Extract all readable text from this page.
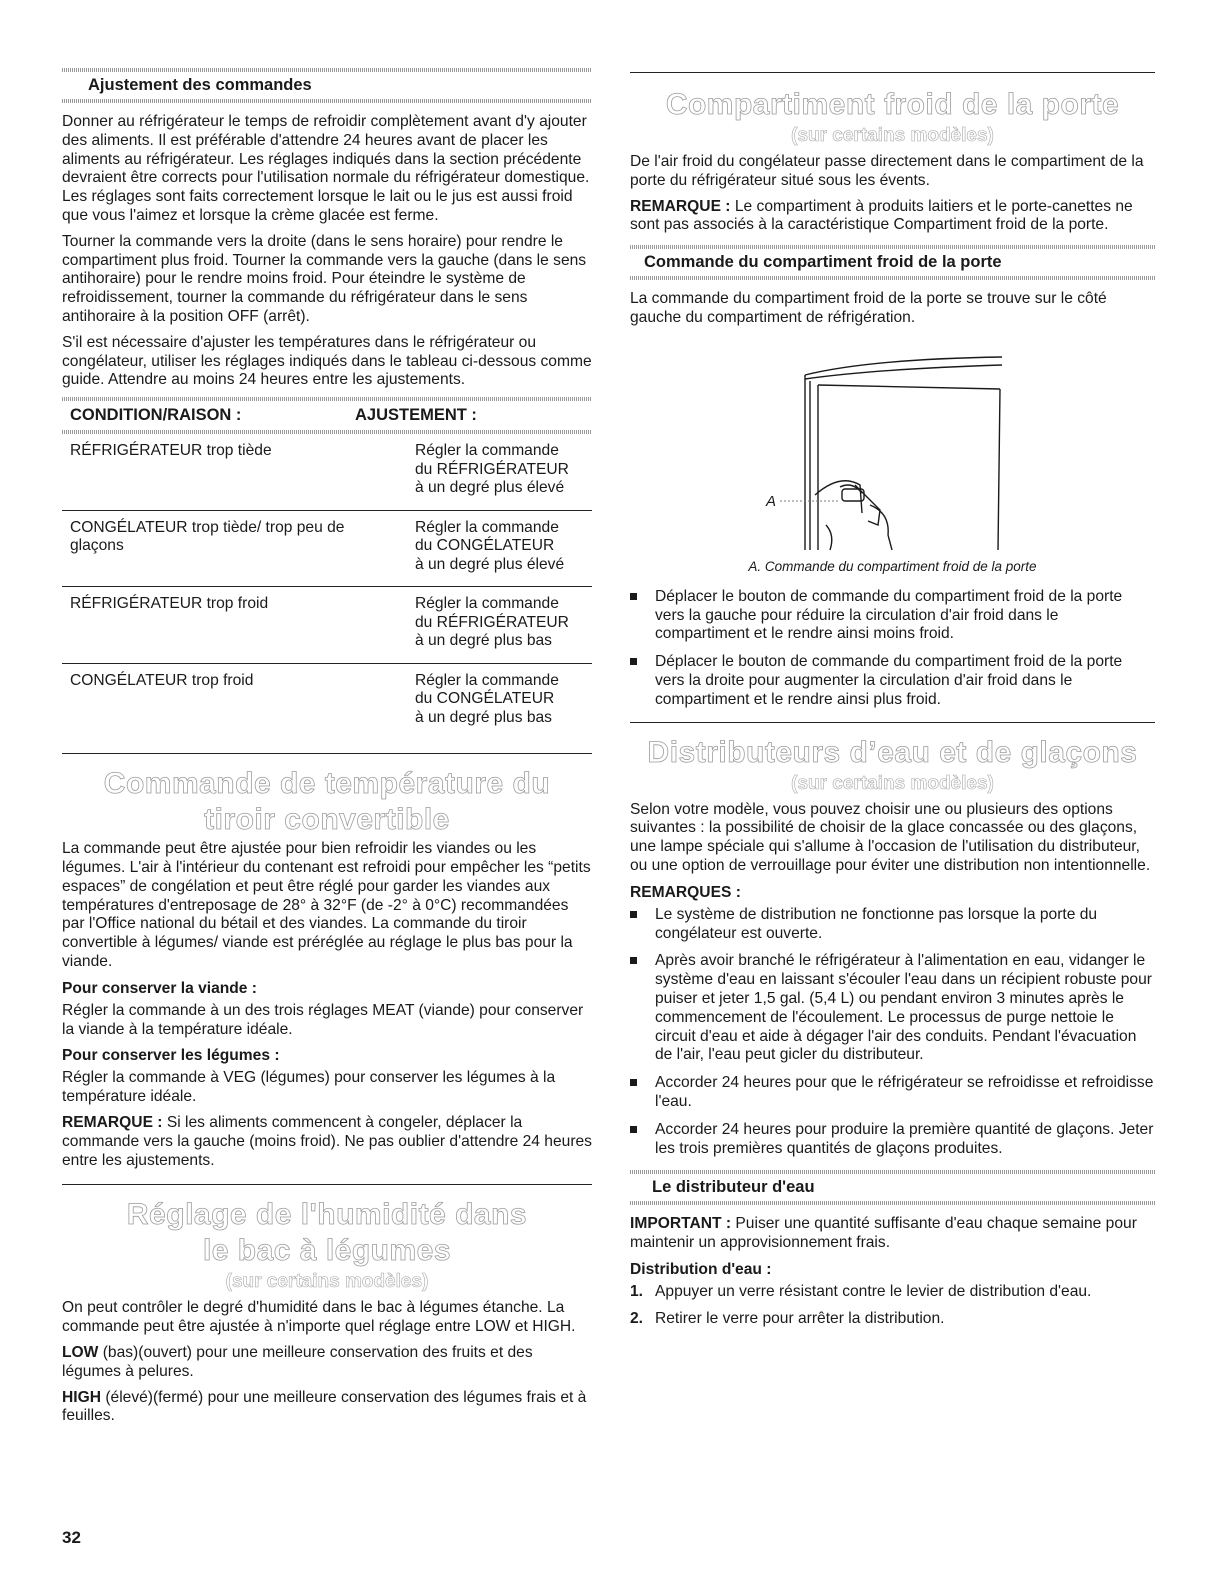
Ajustement des commandes

Donner au réfrigérateur le temps de refroidir complètement avant d'y ajouter des aliments. Il est préférable d'attendre 24 heures avant de placer les aliments au réfrigérateur. Les réglages indiqués dans la section précédente devraient être corrects pour l'utilisation normale du réfrigérateur domestique. Les réglages sont faits correctement lorsque le lait ou le jus est aussi froid que vous l'aimez et lorsque la crème glacée est ferme.

Tourner la commande vers la droite (dans le sens horaire) pour rendre le compartiment plus froid. Tourner la commande vers la gauche (dans le sens antihoraire) pour le rendre moins froid. Pour éteindre le système de refroidissement, tourner la commande du réfrigérateur dans le sens antihoraire à la position OFF (arrêt).

S'il est nécessaire d'ajuster les températures dans le réfrigérateur ou congélateur, utiliser les réglages indiqués dans le tableau ci-dessous comme guide. Attendre au moins 24 heures entre les ajustements.

CONDITION/RAISON :	AJUSTEMENT :
RÉFRIGÉRATEUR trop tiède	Régler la commande
du RÉFRIGÉRATEUR
à un degré plus élevé

CONGÉLATEUR trop tiède/ trop peu de glaçons	Régler la commande
du CONGÉLATEUR
à un degré plus élevé

RÉFRIGÉRATEUR trop froid	Régler la commande
du RÉFRIGÉRATEUR
à un degré plus bas

CONGÉLATEUR trop froid	Régler la commande
du CONGÉLATEUR
à un degré plus bas
Commande de température du tiroir convertible

La commande peut être ajustée pour bien refroidir les viandes ou les légumes. L'air à l'intérieur du contenant est refroidi pour empêcher les “petits espaces” de congélation et peut être réglé pour garder les viandes aux températures d'entreposage de 28° à 32°F (de -2° à 0°C) recommandées par l'Office national du bétail et des viandes. La commande du tiroir convertible à légumes/ viande est préréglée au réglage le plus bas pour la viande.

Pour conserver la viande :

Régler la commande à un des trois réglages MEAT (viande) pour conserver la viande à la température idéale.

Pour conserver les légumes :

Régler la commande à VEG (légumes) pour conserver les légumes à la température idéale.

REMARQUE : Si les aliments commencent à congeler, déplacer la commande vers la gauche (moins froid). Ne pas oublier d'attendre 24 heures entre les ajustements.

Réglage de l'humidité dans le bac à légumes
(sur certains modèles)

On peut contrôler le degré d'humidité dans le bac à légumes étanche. La commande peut être ajustée à n'importe quel réglage entre LOW et HIGH.

LOW (bas)(ouvert) pour une meilleure conservation des fruits et des légumes à pelures.

HIGH (élevé)(fermé) pour une meilleure conservation des légumes frais et à feuilles.

Compartiment froid de la porte
(sur certains modèles)

De l'air froid du congélateur passe directement dans le compartiment de la porte du réfrigérateur situé sous les évents.

REMARQUE : Le compartiment à produits laitiers et le porte-canettes ne sont pas associés à la caractéristique Compartiment froid de la porte.

Commande du compartiment froid de la porte

La commande du compartiment froid de la porte se trouve sur le côté gauche du compartiment de réfrigération.

A
A. Commande du compartiment froid de la porte
Déplacer le bouton de commande du compartiment froid de la porte vers la gauche pour réduire la circulation d'air froid dans le compartiment et le rendre ainsi moins froid.
Déplacer le bouton de commande du compartiment froid de la porte vers la droite pour augmenter la circulation d'air froid dans le compartiment et le rendre ainsi plus froid.
Distributeurs d’eau et de glaçons
(sur certains modèles)

Selon votre modèle, vous pouvez choisir une ou plusieurs des options suivantes : la possibilité de choisir de la glace concassée ou des glaçons, une lampe spéciale qui s'allume à l'occasion de l'utilisation du distributeur, ou une option de verrouillage pour éviter une distribution non intentionnelle.

REMARQUES :
Le système de distribution ne fonctionne pas lorsque la porte du congélateur est ouverte.
Après avoir branché le réfrigérateur à l'alimentation en eau, vidanger le système d'eau en laissant s'écouler l'eau dans un récipient robuste pour puiser et jeter 1,5 gal. (5,4 L) ou pendant environ 3 minutes après le commencement de l'écoulement. Le processus de purge nettoie le circuit d'eau et aide à dégager l'air des conduits. Pendant l'évacuation de l'air, l'eau peut gicler du distributeur.
Accorder 24 heures pour que le réfrigérateur se refroidisse et refroidisse l'eau.
Accorder 24 heures pour produire la première quantité de glaçons. Jeter les trois premières quantités de glaçons produites.
Le distributeur d'eau

IMPORTANT : Puiser une quantité suffisante d'eau chaque semaine pour maintenir un approvisionnement frais.

Distribution d'eau :
1. Appuyer un verre résistant contre le levier de distribution d'eau.
2. Retirer le verre pour arrêter la distribution.
32
